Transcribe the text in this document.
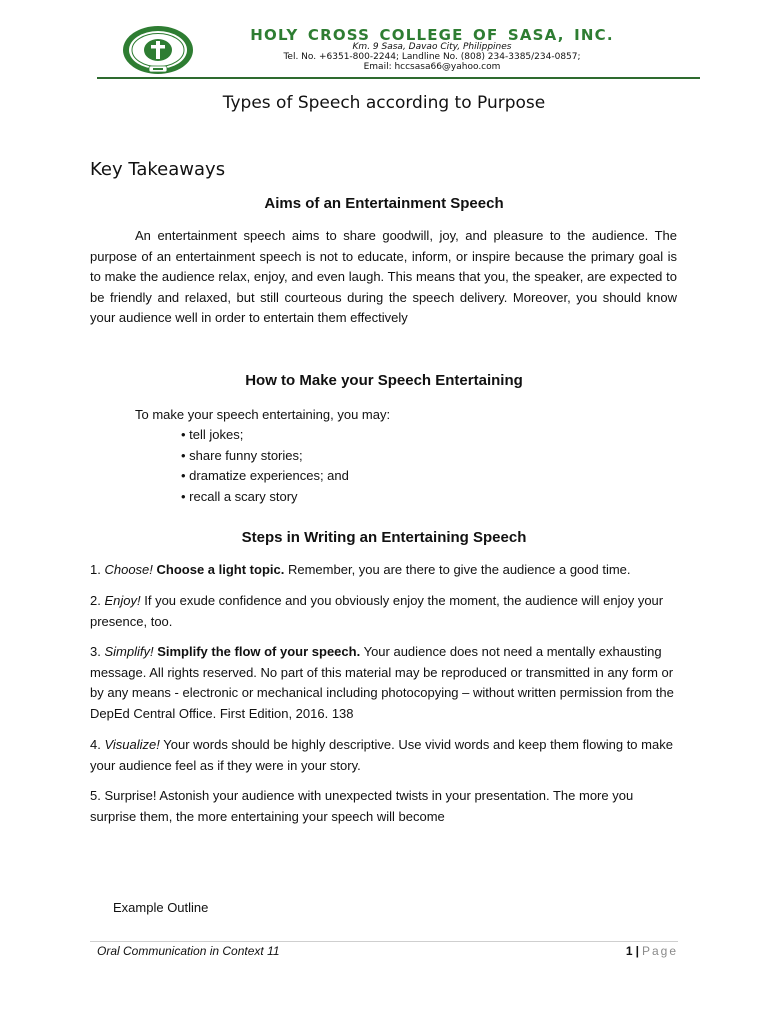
HOLY CROSS COLLEGE OF SASA, INC.
Km. 9 Sasa, Davao City, Philippines
Tel. No. +6351-800-2244; Landline No. (808) 234-3385/234-0857;
Email: hccsasa66@yahoo.com
Types of Speech according to Purpose
Key Takeaways
Aims of an Entertainment Speech
An entertainment speech aims to share goodwill, joy, and pleasure to the audience. The purpose of an entertainment speech is not to educate, inform, or inspire because the primary goal is to make the audience relax, enjoy, and even laugh. This means that you, the speaker, are expected to be friendly and relaxed, but still courteous during the speech delivery. Moreover, you should know your audience well in order to entertain them effectively
How to Make your Speech Entertaining
To make your speech entertaining, you may:
• tell jokes;
• share funny stories;
• dramatize experiences; and
• recall a scary story
Steps in Writing an Entertaining Speech
1. Choose! Choose a light topic. Remember, you are there to give the audience a good time.
2. Enjoy! If you exude confidence and you obviously enjoy the moment, the audience will enjoy your presence, too.
3. Simplify! Simplify the flow of your speech. Your audience does not need a mentally exhausting message. All rights reserved. No part of this material may be reproduced or transmitted in any form or by any means - electronic or mechanical including photocopying – without written permission from the DepEd Central Office. First Edition, 2016. 138
4. Visualize! Your words should be highly descriptive. Use vivid words and keep them flowing to make your audience feel as if they were in your story.
5. Surprise! Astonish your audience with unexpected twists in your presentation. The more you surprise them, the more entertaining your speech will become
Example Outline
Oral Communication in Context 11	1 | Page
